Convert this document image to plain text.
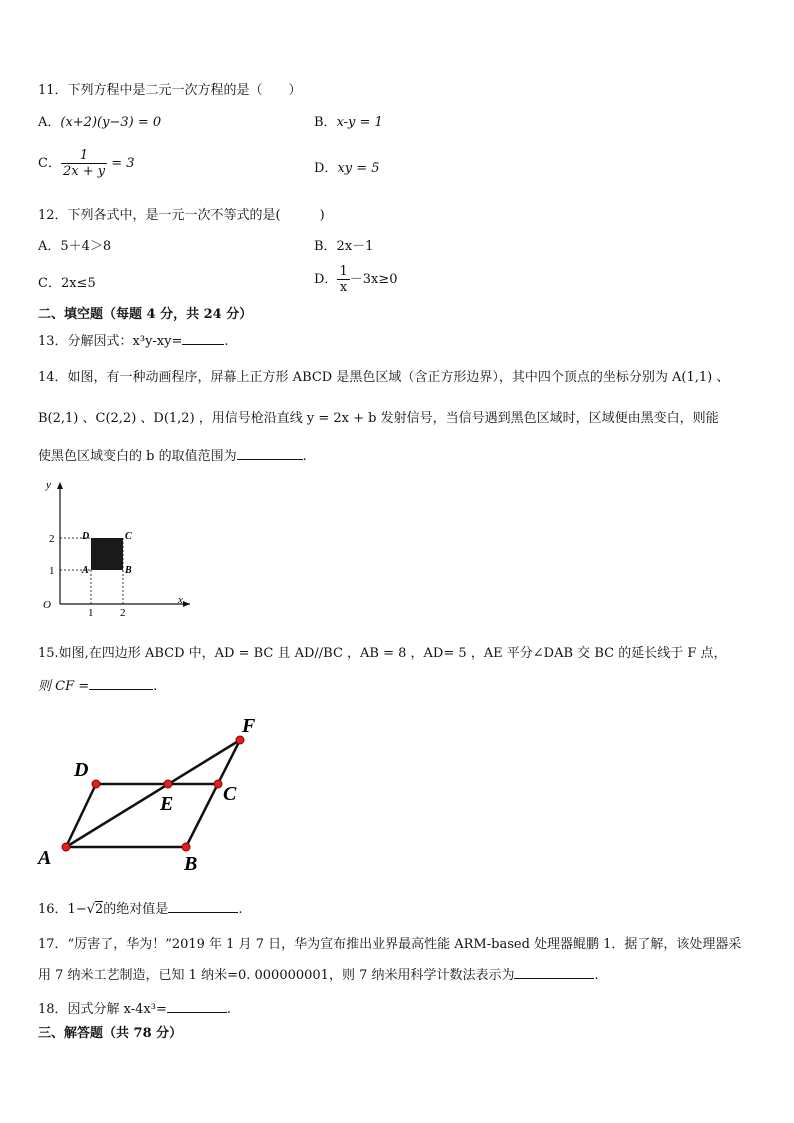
11．下列方程中是二元一次方程的是（　　）
A．(x+2)(y−3) = 0	B．x-y = 1
C． $\frac{1}{2x + y} = 3$	D．xy = 5
12．下列各式中，是一元一次不等式的是(　　　)
A．5＋4＞8	B．2x－1
C．2x≤5	D． $\frac{1}{x} -3x\ge 0$
二、填空题（每题 4 分，共 24 分）
13．分解因式：x³y-xy=	.
14．如图，有一种动画程序，屏幕上正方形 ABCD 是黑色区域（含正方形边界），其中四个顶点的坐标分别为 A(1,1) 、
B(2,1) 、C(2,2) 、D(1,2) ，用信号枪沿直线 y = 2x + b 发射信号，当信号遇到黑色区域时，区域便由黑变白，则能
使黑色区域变白的 b 的取值范围为	.
y
x
O
1 2
1
2
A	B
C
D
15.如图,在四边形 ABCD 中，AD = BC 且 AD//BC ，AB = 8 ，AD= 5 ，AE 平分∠DAB 交 BC 的延长线于 F 点，
则 CF =	.
A	B
C
D
E
F
16．1−√2的绝对值是	.
17．“厉害了，华为！”2019 年 1 月 7 日，华为宣布推出业界最高性能 ARM-based 处理器鲲鹏 1．据了解，该处理器采
用 7 纳米工艺制造，已知 1 纳米=0. 000000001，则 7 纳米用科学计数法表示为	.
18．因式分解 x-4x³=	.
三、解答题（共 78 分）
